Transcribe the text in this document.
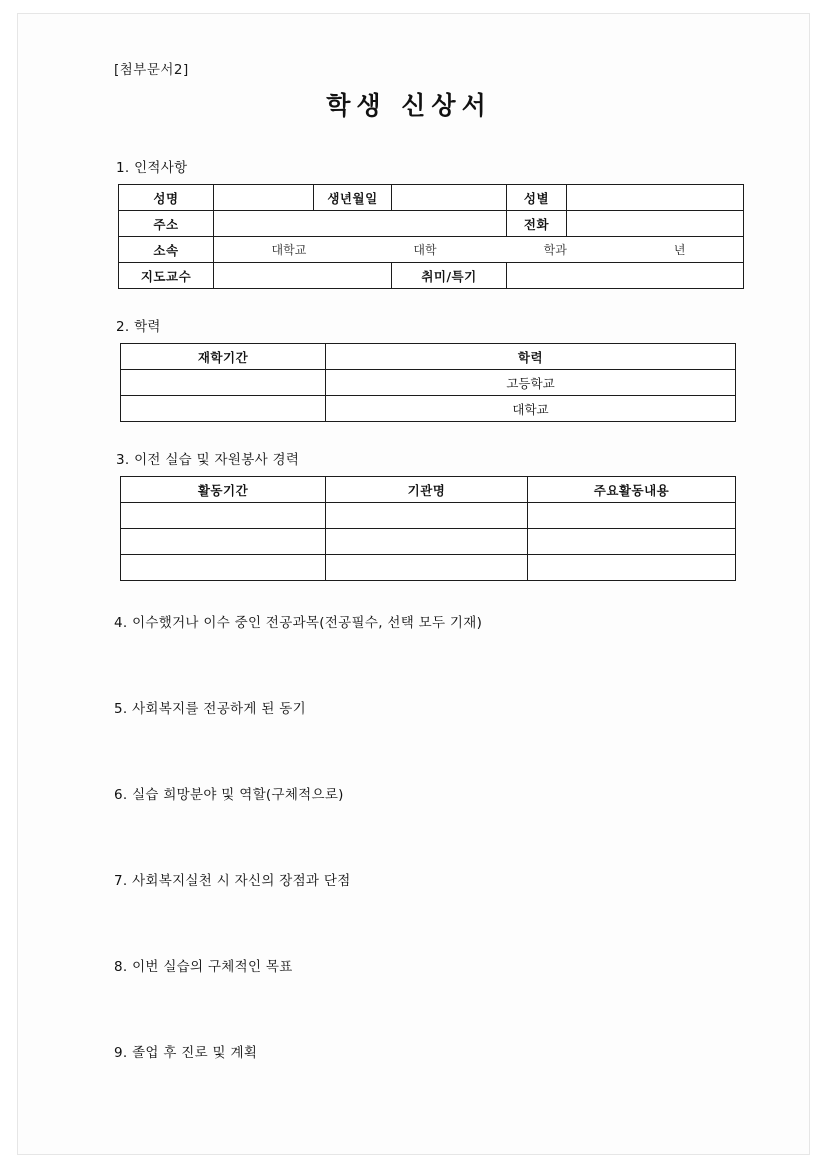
[첨부문서2]
학생 신상서
1. 인적사항
성명		생년월일		성별	
주소				전화	
소속	대학교 대학 학과 년				

지도교수			취미/특기		
2. 학력
재학기간	학력
	고등학교
	대학교
3. 이전 실습 및 자원봉사 경력
활동기간	기관명	주요활동내용

4. 이수했거나 이수 중인 전공과목(전공필수, 선택 모두 기재)
5. 사회복지를 전공하게 된 동기
6. 실습 희망분야 및 역할(구체적으로)
7. 사회복지실천 시 자신의 장점과 단점
8. 이번 실습의 구체적인 목표
9. 졸업 후 진로 및 계획
